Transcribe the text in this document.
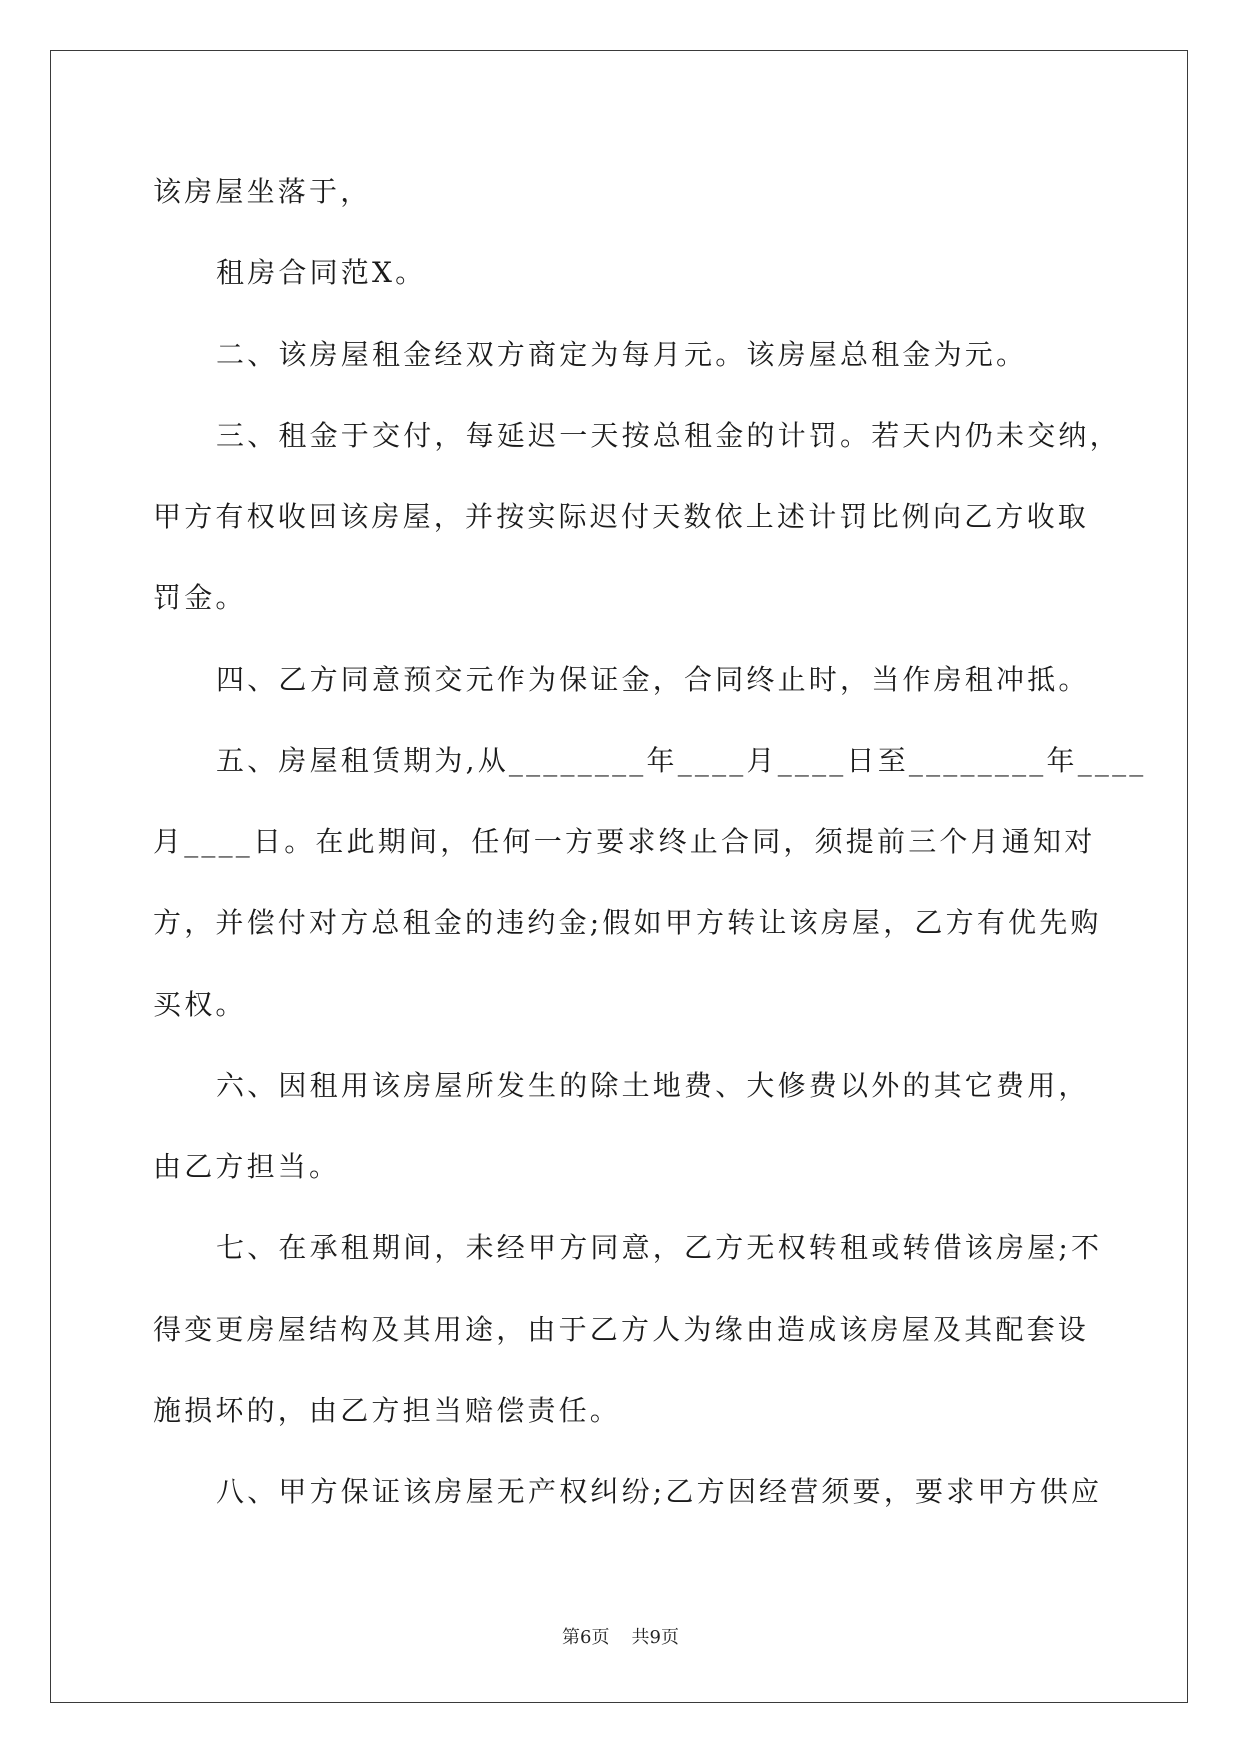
该房屋坐落于，
租房合同范X。
二、该房屋租金经双方商定为每月元。该房屋总租金为元。
三、租金于交付，每延迟一天按总租金的计罚。若天内仍未交纳，
甲方有权收回该房屋，并按实际迟付天数依上述计罚比例向乙方收取
罚金。
四、乙方同意预交元作为保证金，合同终止时，当作房租冲抵。
五、房屋租赁期为,从________年____月____日至________年____
月____日。在此期间，任何一方要求终止合同，须提前三个月通知对
方，并偿付对方总租金的违约金;假如甲方转让该房屋，乙方有优先购
买权。
六、因租用该房屋所发生的除土地费、大修费以外的其它费用，
由乙方担当。
七、在承租期间，未经甲方同意，乙方无权转租或转借该房屋;不
得变更房屋结构及其用途，由于乙方人为缘由造成该房屋及其配套设
施损坏的，由乙方担当赔偿责任。
八、甲方保证该房屋无产权纠纷;乙方因经营须要，要求甲方供应
第6页 共9页
